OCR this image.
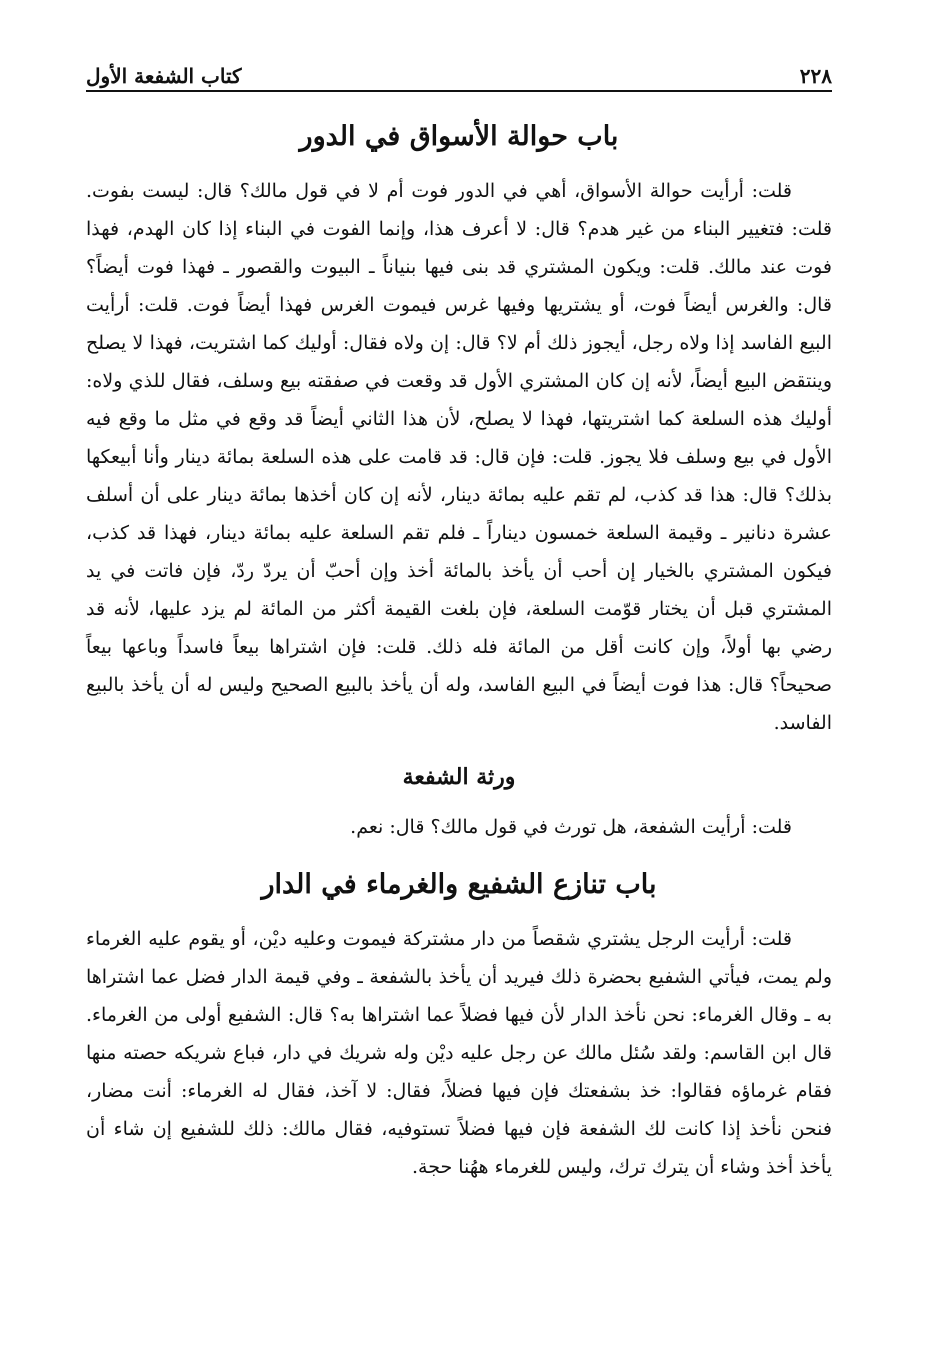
٢٢٨
كتاب الشفعة الأول
باب حوالة الأسواق في الدور

قلت: أرأيت حوالة الأسواق، أهي في الدور فوت أم لا في قول مالك؟ قال: ليست بفوت. قلت: فتغيير البناء من غير هدم؟ قال: لا أعرف هذا، وإنما الفوت في البناء إذا كان الهدم، فهذا فوت عند مالك. قلت: ويكون المشتري قد بنى فيها بنياناً ـ البيوت والقصور ـ فهذا فوت أيضاً؟ قال: والغرس أيضاً فوت، أو يشتريها وفيها غرس فيموت الغرس فهذا أيضاً فوت. قلت: أرأيت البيع الفاسد إذا ولاه رجل، أيجوز ذلك أم لا؟ قال: إن ولاه فقال: أوليك كما اشتريت، فهذا لا يصلح وينتقض البيع أيضاً، لأنه إن كان المشتري الأول قد وقعت في صفقته بيع وسلف، فقال للذي ولاه: أوليك هذه السلعة كما اشتريتها، فهذا لا يصلح، لأن هذا الثاني أيضاً قد وقع في مثل ما وقع فيه الأول في بيع وسلف فلا يجوز. قلت: فإن قال: قد قامت على هذه السلعة بمائة دينار وأنا أبيعكها بذلك؟ قال: هذا قد كذب، لم تقم عليه بمائة دينار، لأنه إن كان أخذها بمائة دينار على أن أسلف عشرة دنانير ـ وقيمة السلعة خمسون ديناراً ـ فلم تقم السلعة عليه بمائة دينار، فهذا قد كذب، فيكون المشتري بالخيار إن أحب أن يأخذ بالمائة أخذ وإن أحبّ أن يردّ ردّ، فإن فاتت في يد المشتري قبل أن يختار قوّمت السلعة، فإن بلغت القيمة أكثر من المائة لم يزد عليها، لأنه قد رضي بها أولاً، وإن كانت أقل من المائة فله ذلك. قلت: فإن اشتراها بيعاً فاسداً وباعها بيعاً صحيحاً؟ قال: هذا فوت أيضاً في البيع الفاسد، وله أن يأخذ بالبيع الصحيح وليس له أن يأخذ بالبيع الفاسد.

ورثة الشفعة

قلت: أرأيت الشفعة، هل تورث في قول مالك؟ قال: نعم.

باب تنازع الشفيع والغرماء في الدار

قلت: أرأيت الرجل يشتري شقصاً من دار مشتركة فيموت وعليه ديْن، أو يقوم عليه الغرماء ولم يمت، فيأتي الشفيع بحضرة ذلك فيريد أن يأخذ بالشفعة ـ وفي قيمة الدار فضل عما اشتراها به ـ وقال الغرماء: نحن نأخذ الدار لأن فيها فضلاً عما اشتراها به؟ قال: الشفيع أولى من الغرماء. قال ابن القاسم: ولقد سُئل مالك عن رجل عليه ديْن وله شريك في دار، فباع شريكه حصته منها فقام غرماؤه فقالوا: خذ بشفعتك فإن فيها فضلاً، فقال: لا آخذ، فقال له الغرماء: أنت مضار، فنحن نأخذ إذا كانت لك الشفعة فإن فيها فضلاً تستوفيه، فقال مالك: ذلك للشفيع إن شاء أن يأخذ أخذ وشاء أن يترك ترك، وليس للغرماء ههُنا حجة.
